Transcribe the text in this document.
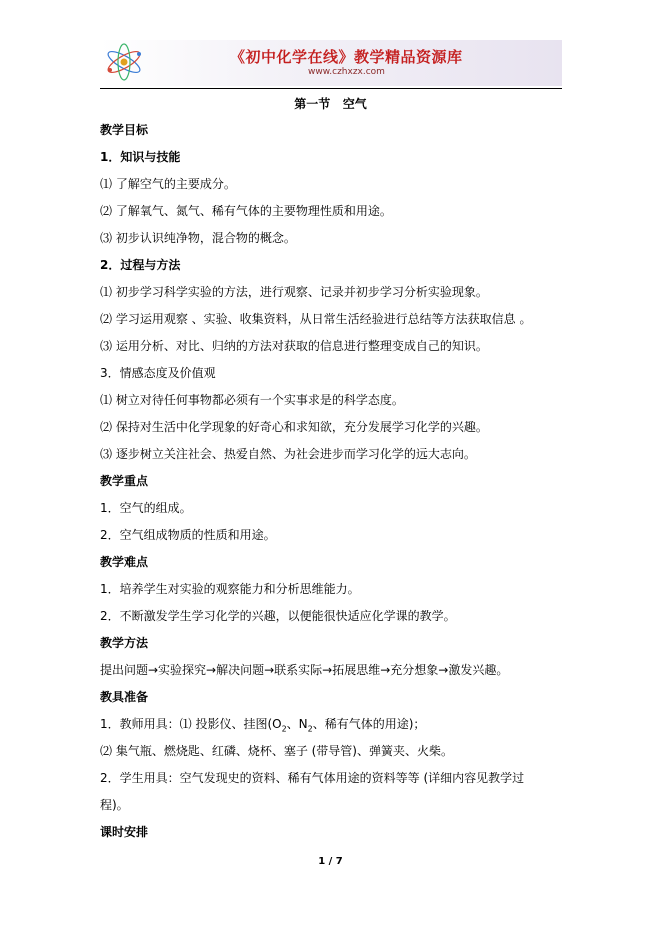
《初中化学在线》教学精品资源库
www.czhxzx.com
第一节   空气
教学目标
1．知识与技能
⑴ 了解空气的主要成分。
⑵ 了解氧气、氮气、稀有气体的主要物理性质和用途。
⑶ 初步认识纯净物，混合物的概念。
2．过程与方法
⑴ 初步学习科学实验的方法，进行观察、记录并初步学习分析实验现象。
⑵ 学习运用观察 、实验、收集资料，从日常生活经验进行总结等方法获取信息 。
⑶ 运用分析、对比、归纳的方法对获取的信息进行整理变成自己的知识。
3．情感态度及价值观
⑴ 树立对待任何事物都必须有一个实事求是的科学态度。
⑵ 保持对生活中化学现象的好奇心和求知欲，充分发展学习化学的兴趣。
⑶ 逐步树立关注社会、热爱自然、为社会进步而学习化学的远大志向。
教学重点
1．空气的组成。
2．空气组成物质的性质和用途。
教学难点
1．培养学生对实验的观察能力和分析思维能力。
2．不断激发学生学习化学的兴趣，以便能很快适应化学课的教学。
教学方法
提出问题→实验探究→解决问题→联系实际→拓展思维→充分想象→激发兴趣。
教具准备
1．教师用具：⑴ 投影仪、挂图($O_2$、$N_2$、稀有气体的用途)；
⑵ 集气瓶、燃烧匙、红磷、烧杯、塞子 (带导管)、弹簧夹、火柴。
2．学生用具：空气发现史的资料、稀有气体用途的资料等等 (详细内容见教学过
程)。
课时安排
1 / 7
